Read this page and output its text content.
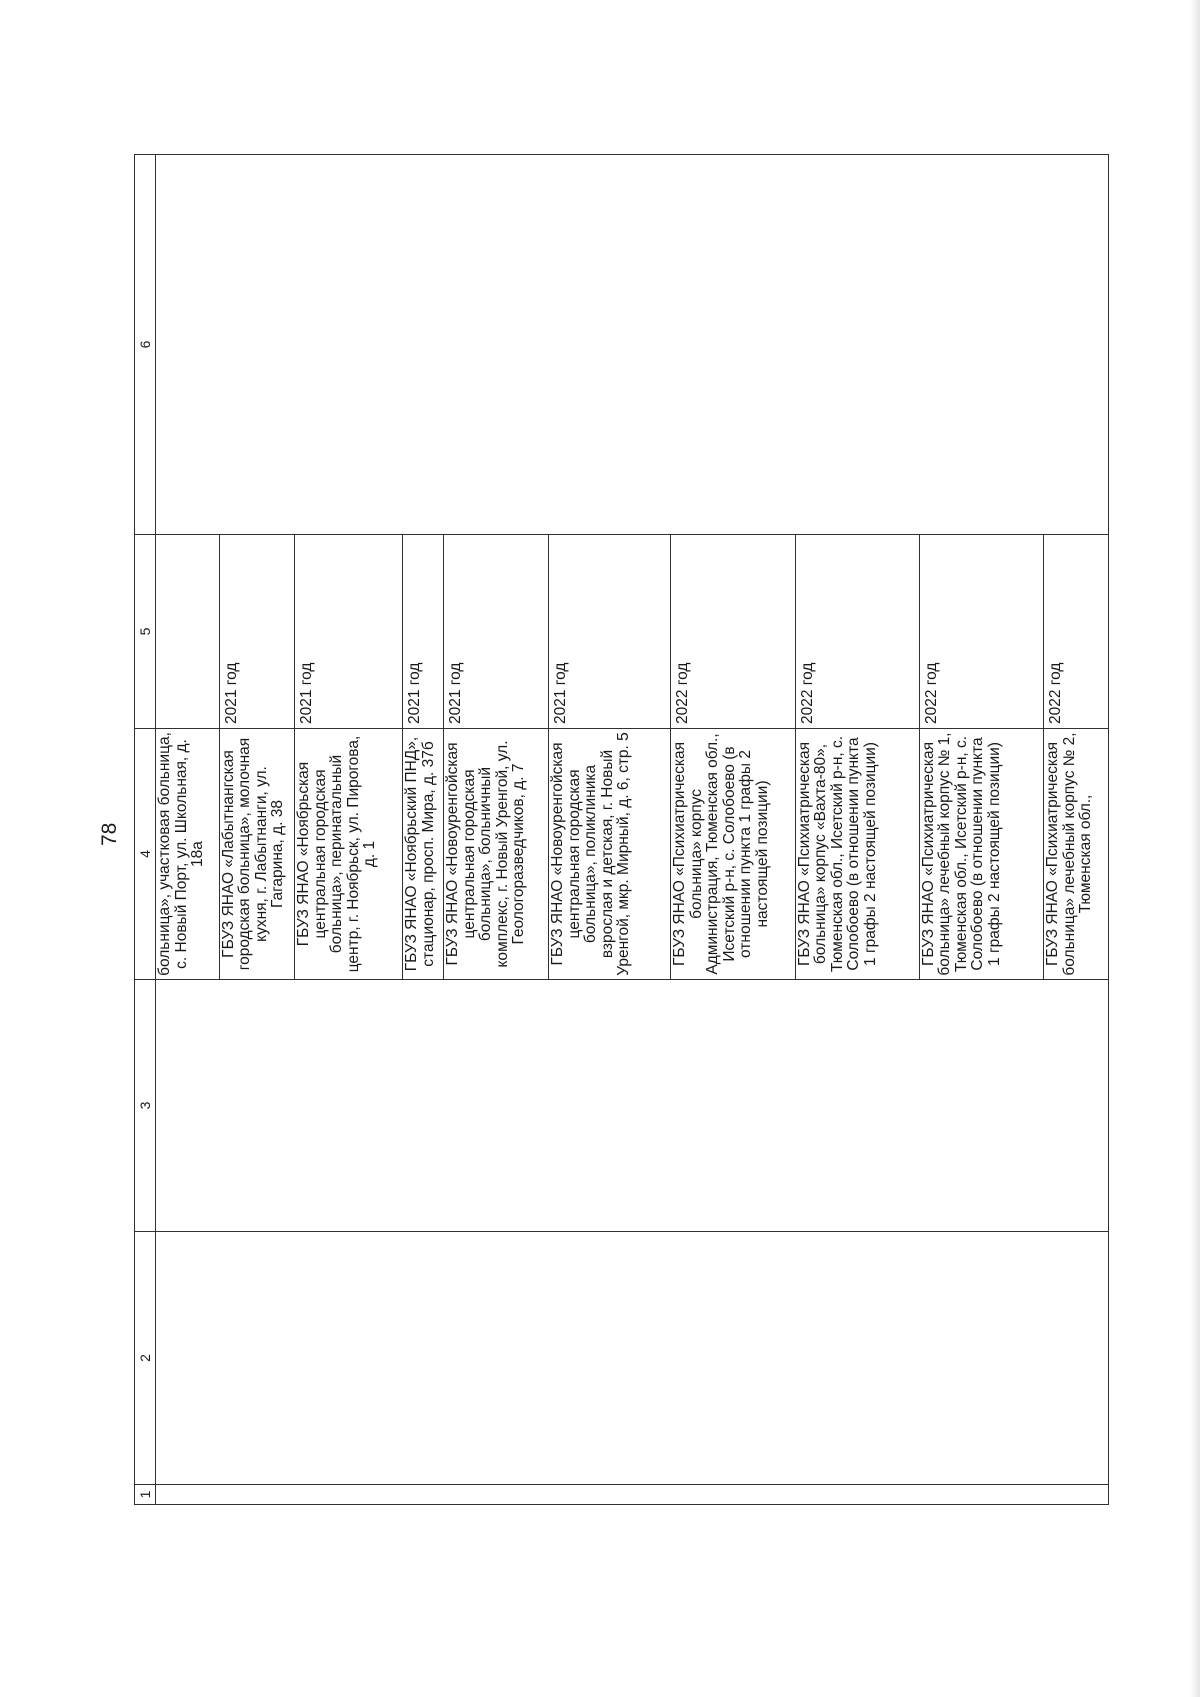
78
1	2	3	4	5	6

			больница», участковая больница, с. Новый Порт, ул. Школьная, д. 18а		

			ГБУЗ ЯНАО «Лабытнангская городская больница», молочная кухня, г. Лабытнанги, ул. Гагарина, д. 38	2021 год	

			ГБУЗ ЯНАО «Ноябрьская центральная городская больница», перинатальный центр, г. Ноябрьск, ул. Пирогова, д. 1	2021 год	

			ГБУЗ ЯНАО «Ноябрьский ПНД», стационар, просп. Мира, д. 37б	2021 год	

			ГБУЗ ЯНАО «Новоуренгойская центральная городская больница», больничный комплекс, г. Новый Уренгой, ул. Геологоразведчиков, д. 7	2021 год	

			ГБУЗ ЯНАО «Новоуренгойская центральная городская больница», поликлиника взрослая и детская, г. Новый Уренгой, мкр. Мирный, д. 6, стр. 5	2021 год	

			ГБУЗ ЯНАО «Психиатрическая больница» корпус Администрация, Тюменская обл., Исетский р-н, с. Солобоево (в отношении пункта 1 графы 2 настоящей позиции)	2022 год	

			ГБУЗ ЯНАО «Психиатрическая больница» корпус «Вахта-80», Тюменская обл., Исетский р-н, с. Солобоево (в отношении пункта 1 графы 2 настоящей позиции)	2022 год	

			ГБУЗ ЯНАО «Психиатрическая больница» лечебный корпус № 1, Тюменская обл., Исетский р-н, с. Солобоево (в отношении пункта 1 графы 2 настоящей позиции)	2022 год	

			ГБУЗ ЯНАО «Психиатрическая больница» лечебный корпус № 2, Тюменская обл.,	2022 год	
